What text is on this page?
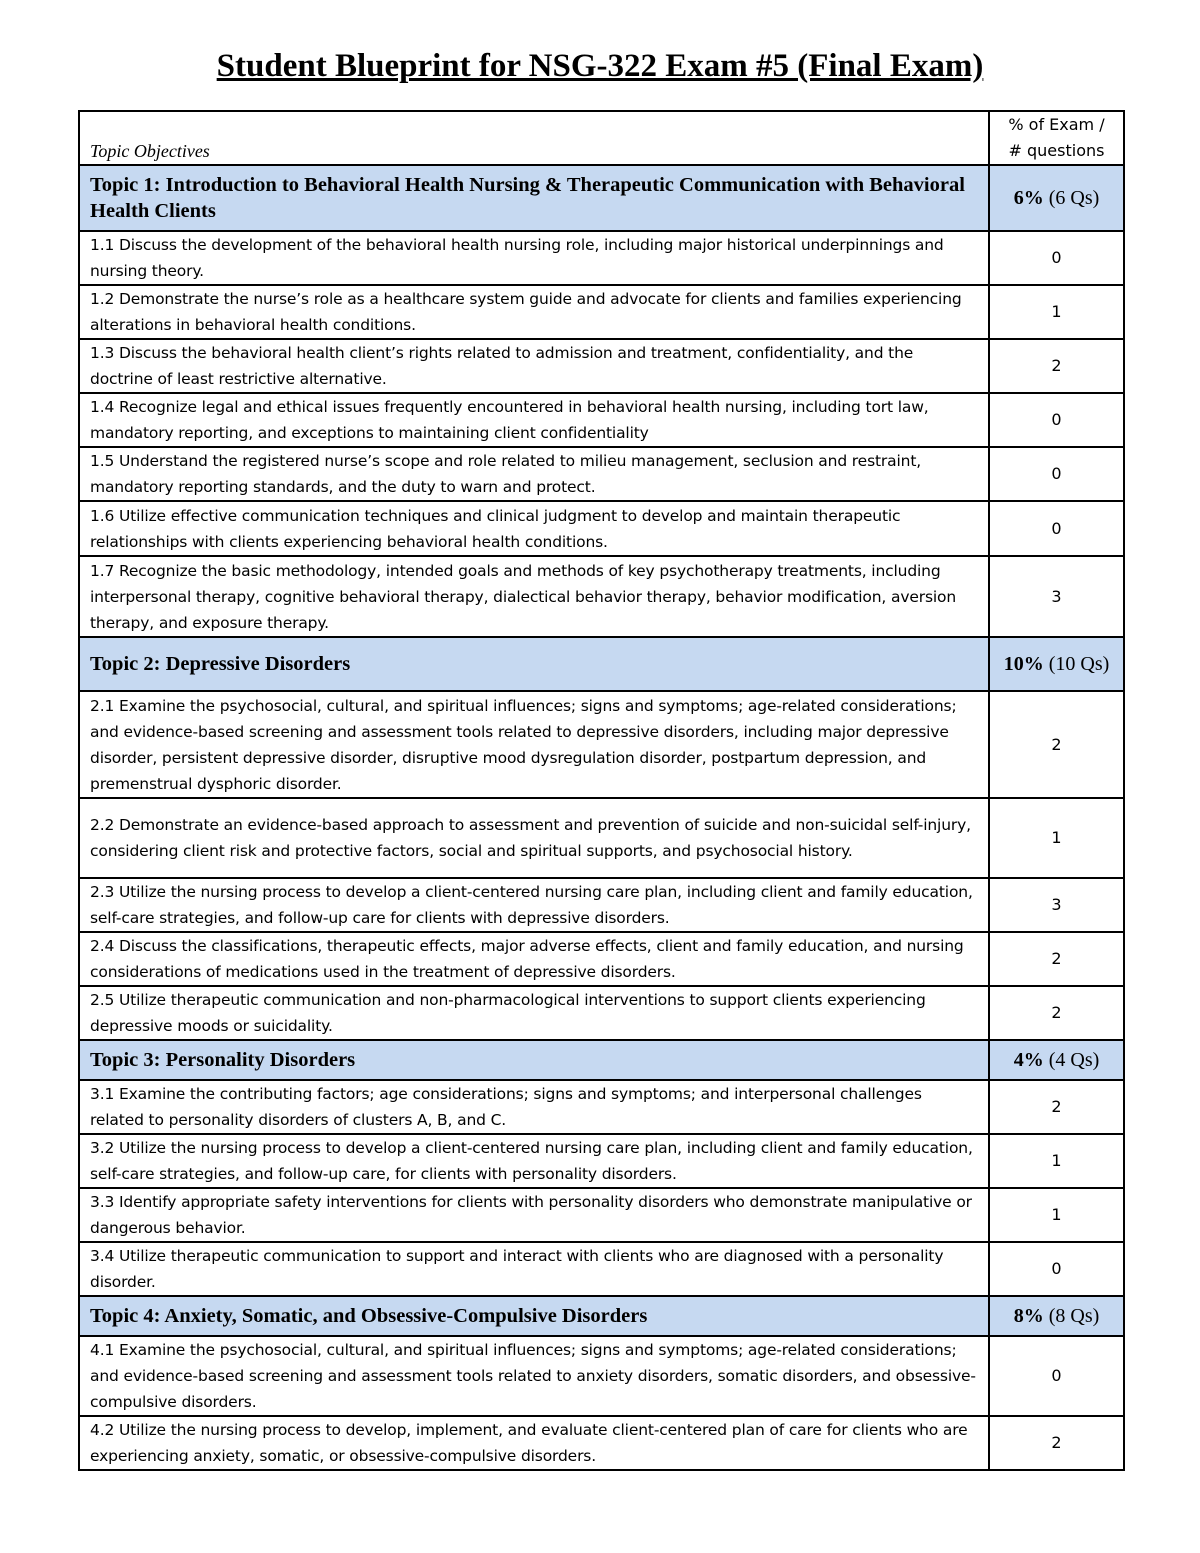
Student Blueprint for NSG-322 Exam #5 (Final Exam)
Topic Objectives	% of Exam /
# questions
Topic 1: Introduction to Behavioral Health Nursing & Therapeutic Communication with Behavioral Health Clients	6% (6 Qs)
1.1 Discuss the development of the behavioral health nursing role, including major historical underpinnings and nursing theory.	0
1.2 Demonstrate the nurse’s role as a healthcare system guide and advocate for clients and families experiencing alterations in behavioral health conditions.	1
1.3 Discuss the behavioral health client’s rights related to admission and treatment, confidentiality, and the doctrine of least restrictive alternative.	2
1.4 Recognize legal and ethical issues frequently encountered in behavioral health nursing, including tort law, mandatory reporting, and exceptions to maintaining client confidentiality	0
1.5 Understand the registered nurse’s scope and role related to milieu management, seclusion and restraint, mandatory reporting standards, and the duty to warn and protect.	0
1.6 Utilize effective communication techniques and clinical judgment to develop and maintain therapeutic relationships with clients experiencing behavioral health conditions.	0
1.7 Recognize the basic methodology, intended goals and methods of key psychotherapy treatments, including interpersonal therapy, cognitive behavioral therapy, dialectical behavior therapy, behavior modification, aversion therapy, and exposure therapy.	3
Topic 2: Depressive Disorders	10% (10 Qs)
2.1 Examine the psychosocial, cultural, and spiritual influences; signs and symptoms; age-related considerations; and evidence-based screening and assessment tools related to depressive disorders, including major depressive disorder, persistent depressive disorder, disruptive mood dysregulation disorder, postpartum depression, and premenstrual dysphoric disorder.	2
2.2 Demonstrate an evidence-based approach to assessment and prevention of suicide and non-suicidal self-injury, considering client risk and protective factors, social and spiritual supports, and psychosocial history.	1
2.3 Utilize the nursing process to develop a client-centered nursing care plan, including client and family education, self-care strategies, and follow-up care for clients with depressive disorders.	3
2.4 Discuss the classifications, therapeutic effects, major adverse effects, client and family education, and nursing considerations of medications used in the treatment of depressive disorders.	2
2.5 Utilize therapeutic communication and non-pharmacological interventions to support clients experiencing depressive moods or suicidality.	2
Topic 3: Personality Disorders	4% (4 Qs)
3.1 Examine the contributing factors; age considerations; signs and symptoms; and interpersonal challenges related to personality disorders of clusters A, B, and C.	2
3.2 Utilize the nursing process to develop a client-centered nursing care plan, including client and family education, self-care strategies, and follow-up care, for clients with personality disorders.	1
3.3 Identify appropriate safety interventions for clients with personality disorders who demonstrate manipulative or dangerous behavior.	1
3.4 Utilize therapeutic communication to support and interact with clients who are diagnosed with a personality disorder.	0
Topic 4: Anxiety, Somatic, and Obsessive-Compulsive Disorders	8% (8 Qs)
4.1 Examine the psychosocial, cultural, and spiritual influences; signs and symptoms; age-related considerations; and evidence-based screening and assessment tools related to anxiety disorders, somatic disorders, and obsessive-compulsive disorders.	0
4.2 Utilize the nursing process to develop, implement, and evaluate client-centered plan of care for clients who are experiencing anxiety, somatic, or obsessive-compulsive disorders.	2
